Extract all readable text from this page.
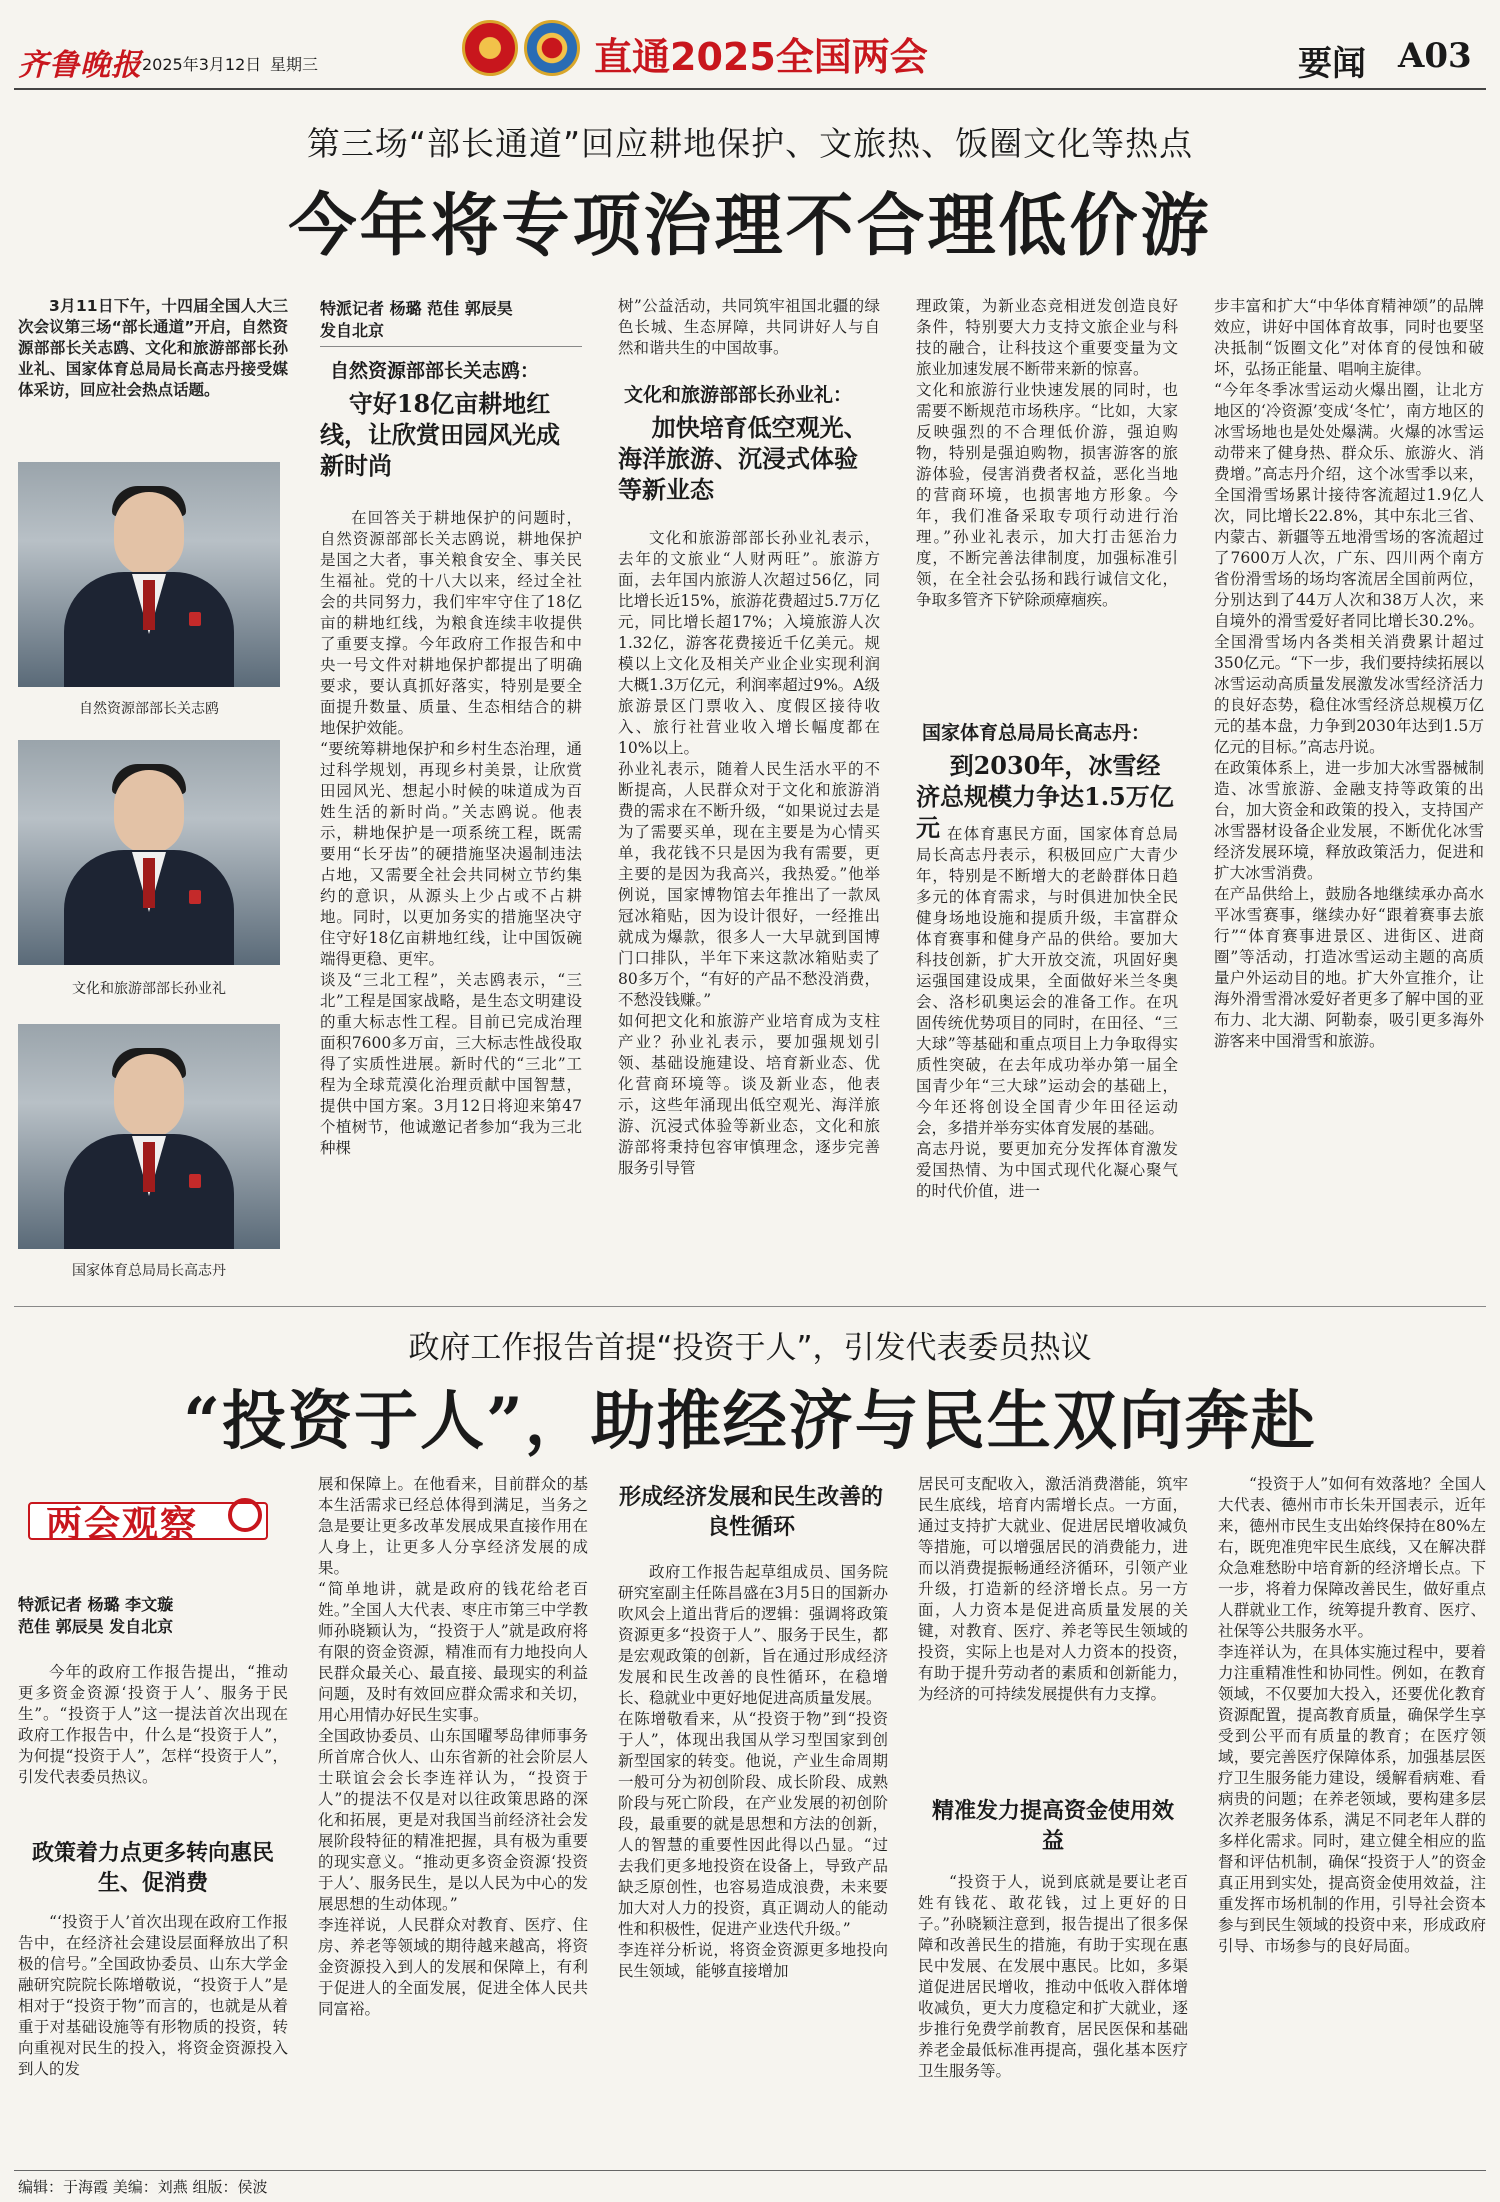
齐鲁晚报 2025年3月12日 星期三	直通2025全国两会	要闻 A03
第三场“部长通道”回应耕地保护、文旅热、饭圈文化等热点
今年将专项治理不合理低价游
3月11日下午，十四届全国人大三次会议第三场“部长通道”开启，自然资源部部长关志鸥、文化和旅游部部长孙业礼、国家体育总局局长高志丹接受媒体采访，回应社会热点话题。
自然资源部部长关志鸥
文化和旅游部部长孙业礼
国家体育总局局长高志丹
特派记者 杨璐 范佳 郭辰昊
发自北京
自然资源部部长关志鸥：
守好18亿亩耕地红线，让欣赏田园风光成新时尚
在回答关于耕地保护的问题时，自然资源部部长关志鸥说，耕地保护是国之大者，事关粮食安全、事关民生福祉。党的十八大以来，经过全社会的共同努力，我们牢牢守住了18亿亩的耕地红线，为粮食连续丰收提供了重要支撑。今年政府工作报告和中央一号文件对耕地保护都提出了明确要求，要认真抓好落实，特别是要全面提升数量、质量、生态相结合的耕地保护效能。
“要统筹耕地保护和乡村生态治理，通过科学规划，再现乡村美景，让欣赏田园风光、想起小时候的味道成为百姓生活的新时尚。”关志鸥说。他表示，耕地保护是一项系统工程，既需要用“长牙齿”的硬措施坚决遏制违法占地，又需要全社会共同树立节约集约的意识，从源头上少占或不占耕地。同时，以更加务实的措施坚决守住守好18亿亩耕地红线，让中国饭碗端得更稳、更牢。
谈及“三北工程”，关志鸥表示，“三北”工程是国家战略，是生态文明建设的重大标志性工程。目前已完成治理面积7600多万亩，三大标志性战役取得了实质性进展。新时代的“三北”工程为全球荒漠化治理贡献中国智慧，提供中国方案。3月12日将迎来第47个植树节，他诚邀记者参加“我为三北种棵
树”公益活动，共同筑牢祖国北疆的绿色长城、生态屏障，共同讲好人与自然和谐共生的中国故事。
文化和旅游部部长孙业礼：
加快培育低空观光、海洋旅游、沉浸式体验等新业态
文化和旅游部部长孙业礼表示，去年的文旅业“人财两旺”。旅游方面，去年国内旅游人次超过56亿，同比增长近15%，旅游花费超过5.7万亿元，同比增长超17%；入境旅游人次1.32亿，游客花费接近千亿美元。规模以上文化及相关产业企业实现利润大概1.3万亿元，利润率超过9%。A级旅游景区门票收入、度假区接待收入、旅行社营业收入增长幅度都在10%以上。
孙业礼表示，随着人民生活水平的不断提高，人民群众对于文化和旅游消费的需求在不断升级，“如果说过去是为了需要买单，现在主要是为心情买单，我花钱不只是因为我有需要，更主要的是因为我高兴，我热爱。”他举例说，国家博物馆去年推出了一款凤冠冰箱贴，因为设计很好，一经推出就成为爆款，很多人一大早就到国博门口排队，半年下来这款冰箱贴卖了80多万个，“有好的产品不愁没消费，不愁没钱赚。”
如何把文化和旅游产业培育成为支柱产业？孙业礼表示，要加强规划引领、基础设施建设、培育新业态、优化营商环境等。谈及新业态，他表示，这些年涌现出低空观光、海洋旅游、沉浸式体验等新业态，文化和旅游部将秉持包容审慎理念，逐步完善服务引导管
理政策，为新业态竞相迸发创造良好条件，特别要大力支持文旅企业与科技的融合，让科技这个重要变量为文旅业加速发展不断带来新的惊喜。
文化和旅游行业快速发展的同时，也需要不断规范市场秩序。“比如，大家反映强烈的不合理低价游，强迫购物，特别是强迫购物，损害游客的旅游体验，侵害消费者权益，恶化当地的营商环境，也损害地方形象。今年，我们准备采取专项行动进行治理。”孙业礼表示，加大打击惩治力度，不断完善法律制度，加强标准引领，在全社会弘扬和践行诚信文化，争取多管齐下铲除顽瘴痼疾。
国家体育总局局长高志丹：
到2030年，冰雪经济总规模力争达1.5万亿元 在体育惠民方面，国家体育总局局长高志丹表示，积极回应广大青少年，特别是不断增大的老龄群体日趋多元的体育需求，与时俱进加快全民健身场地设施和提质升级，丰富群众体育赛事和健身产品的供给。要加大科技创新，扩大开放交流，巩固好奥运强国建设成果，全面做好米兰冬奥会、洛杉矶奥运会的准备工作。在巩固传统优势项目的同时，在田径、“三大球”等基础和重点项目上力争取得实质性突破，在去年成功举办第一届全国青少年“三大球”运动会的基础上，今年还将创设全国青少年田径运动会，多措并举夯实体育发展的基础。
高志丹说，要更加充分发挥体育激发爱国热情、为中国式现代化凝心聚气的时代价值，进一
步丰富和扩大“中华体育精神颂”的品牌效应，讲好中国体育故事，同时也要坚决抵制“饭圈文化”对体育的侵蚀和破坏，弘扬正能量、唱响主旋律。
“今年冬季冰雪运动火爆出圈，让北方地区的‘冷资源’变成‘冬忙’，南方地区的冰雪场地也是处处爆满。火爆的冰雪运动带来了健身热、群众乐、旅游火、消费增。”高志丹介绍，这个冰雪季以来，全国滑雪场累计接待客流超过1.9亿人次，同比增长22.8%，其中东北三省、内蒙古、新疆等五地滑雪场的客流超过了7600万人次，广东、四川两个南方省份滑雪场的场均客流居全国前两位，分别达到了44万人次和38万人次，来自境外的滑雪爱好者同比增长30.2%。全国滑雪场内各类相关消费累计超过350亿元。“下一步，我们要持续拓展以冰雪运动高质量发展激发冰雪经济活力的良好态势，稳住冰雪经济总规模万亿元的基本盘，力争到2030年达到1.5万亿元的目标。”高志丹说。
在政策体系上，进一步加大冰雪器械制造、冰雪旅游、金融支持等政策的出台，加大资金和政策的投入，支持国产冰雪器材设备企业发展，不断优化冰雪经济发展环境，释放政策活力，促进和扩大冰雪消费。
在产品供给上，鼓励各地继续承办高水平冰雪赛事，继续办好“跟着赛事去旅行”“体育赛事进景区、进街区、进商圈”等活动，打造冰雪运动主题的高质量户外运动目的地。扩大外宣推介，让海外滑雪滑冰爱好者更多了解中国的亚布力、北大湖、阿勒泰，吸引更多海外游客来中国滑雪和旅游。
政府工作报告首提“投资于人”，引发代表委员热议
“投资于人”，助推经济与民生双向奔赴
两会观察
特派记者 杨璐 李文璇
范佳 郭辰昊 发自北京
今年的政府工作报告提出，“推动更多资金资源‘投资于人’、服务于民生”。“投资于人”这一提法首次出现在政府工作报告中，什么是“投资于人”，为何提“投资于人”，怎样“投资于人”，引发代表委员热议。
政策着力点更多转向惠民生、促消费
“‘投资于人’首次出现在政府工作报告中，在经济社会建设层面释放出了积极的信号。”全国政协委员、山东大学金融研究院院长陈增敬说，“投资于人”是相对于“投资于物”而言的，也就是从着重于对基础设施等有形物质的投资，转向重视对民生的投入，将资金资源投入到人的发
展和保障上。在他看来，目前群众的基本生活需求已经总体得到满足，当务之急是要让更多改革发展成果直接作用在人身上，让更多人分享经济发展的成果。
“简单地讲，就是政府的钱花给老百姓。”全国人大代表、枣庄市第三中学教师孙晓颖认为，“投资于人”就是政府将有限的资金资源，精准而有力地投向人民群众最关心、最直接、最现实的利益问题，及时有效回应群众需求和关切，用心用情办好民生实事。
全国政协委员、山东国曜琴岛律师事务所首席合伙人、山东省新的社会阶层人士联谊会会长李连祥认为，“投资于人”的提法不仅是对以往政策思路的深化和拓展，更是对我国当前经济社会发展阶段特征的精准把握，具有极为重要的现实意义。“推动更多资金资源‘投资于人’、服务民生，是以人民为中心的发展思想的生动体现。”
李连祥说，人民群众对教育、医疗、住房、养老等领域的期待越来越高，将资金资源投入到人的发展和保障上，有利于促进人的全面发展，促进全体人民共同富裕。
形成经济发展和民生改善的良性循环
政府工作报告起草组成员、国务院研究室副主任陈昌盛在3月5日的国新办吹风会上道出背后的逻辑：强调将政策资源更多“投资于人”、服务于民生，都是宏观政策的创新，旨在通过形成经济发展和民生改善的良性循环，在稳增长、稳就业中更好地促进高质量发展。
在陈增敬看来，从“投资于物”到“投资于人”，体现出我国从学习型国家到创新型国家的转变。他说，产业生命周期一般可分为初创阶段、成长阶段、成熟阶段与死亡阶段，在产业发展的初创阶段，最重要的就是思想和方法的创新，人的智慧的重要性因此得以凸显。“过去我们更多地投资在设备上，导致产品缺乏原创性，也容易造成浪费，未来要加大对人力的投资，真正调动人的能动性和积极性，促进产业迭代升级。”
李连祥分析说，将资金资源更多地投向民生领域，能够直接增加
居民可支配收入，激活消费潜能，筑牢民生底线，培育内需增长点。一方面，通过支持扩大就业、促进居民增收减负等措施，可以增强居民的消费能力，进而以消费提振畅通经济循环，引领产业升级，打造新的经济增长点。另一方面，人力资本是促进高质量发展的关键，对教育、医疗、养老等民生领域的投资，实际上也是对人力资本的投资，有助于提升劳动者的素质和创新能力，为经济的可持续发展提供有力支撑。
精准发力提高资金使用效益
“投资于人，说到底就是要让老百姓有钱花、敢花钱，过上更好的日子。”孙晓颖注意到，报告提出了很多保障和改善民生的措施，有助于实现在惠民中发展、在发展中惠民。比如，多渠道促进居民增收，推动中低收入群体增收减负，更大力度稳定和扩大就业，逐步推行免费学前教育，居民医保和基础养老金最低标准再提高，强化基本医疗卫生服务等。
“投资于人”如何有效落地？全国人大代表、德州市市长朱开国表示，近年来，德州市民生支出始终保持在80%左右，既兜准兜牢民生底线，又在解决群众急难愁盼中培育新的经济增长点。下一步，将着力保障改善民生，做好重点人群就业工作，统筹提升教育、医疗、社保等公共服务水平。
李连祥认为，在具体实施过程中，要着力注重精准性和协同性。例如，在教育领域，不仅要加大投入，还要优化教育资源配置，提高教育质量，确保学生享受到公平而有质量的教育；在医疗领域，要完善医疗保障体系，加强基层医疗卫生服务能力建设，缓解看病难、看病贵的问题；在养老领域，要构建多层次养老服务体系，满足不同老年人群的多样化需求。同时，建立健全相应的监督和评估机制，确保“投资于人”的资金真正用到实处，提高资金使用效益，注重发挥市场机制的作用，引导社会资本参与到民生领域的投资中来，形成政府引导、市场参与的良好局面。
编辑：于海霞 美编：刘燕 组版：侯波
